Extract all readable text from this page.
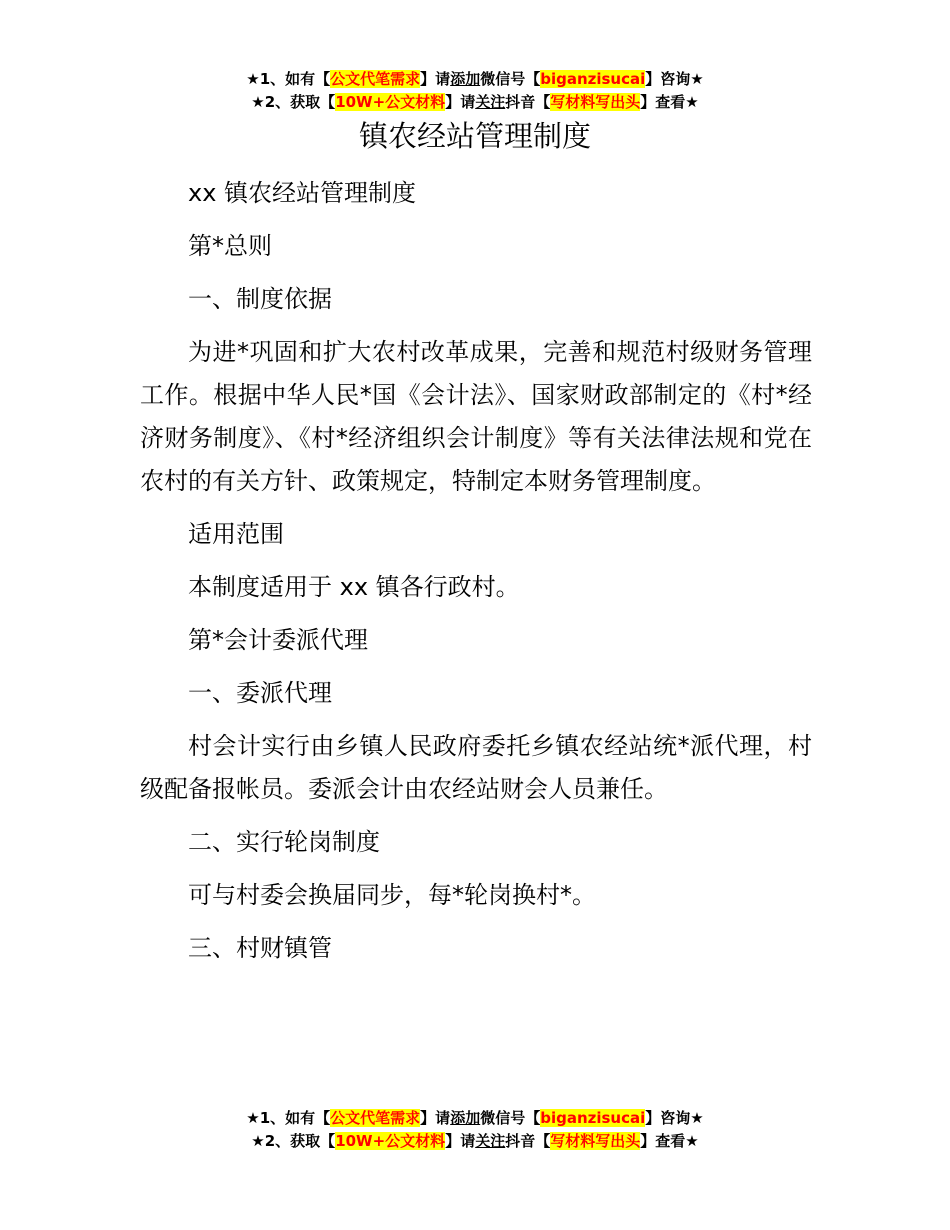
★1、如有【公文代笔需求】请添加微信号【biganzisucai】咨询★
★2、获取【10W+公文材料】请关注抖音【写材料写出头】查看★
镇农经站管理制度

xx 镇农经站管理制度

第*总则

一、制度依据

为进*巩固和扩大农村改革成果，完善和规范村级财务管理工作。根据中华人民*国《会计法》、国家财政部制定的《村*经济财务制度》、《村*经济组织会计制度》等有关法律法规和党在农村的有关方针、政策规定，特制定本财务管理制度。

适用范围

本制度适用于 xx 镇各行政村。

第*会计委派代理

一、委派代理

村会计实行由乡镇人民政府委托乡镇农经站统*派代理，村级配备报帐员。委派会计由农经站财会人员兼任。

二、实行轮岗制度

可与村委会换届同步，每*轮岗换村*。

三、村财镇管

★1、如有【公文代笔需求】请添加微信号【biganzisucai】咨询★
★2、获取【10W+公文材料】请关注抖音【写材料写出头】查看★
